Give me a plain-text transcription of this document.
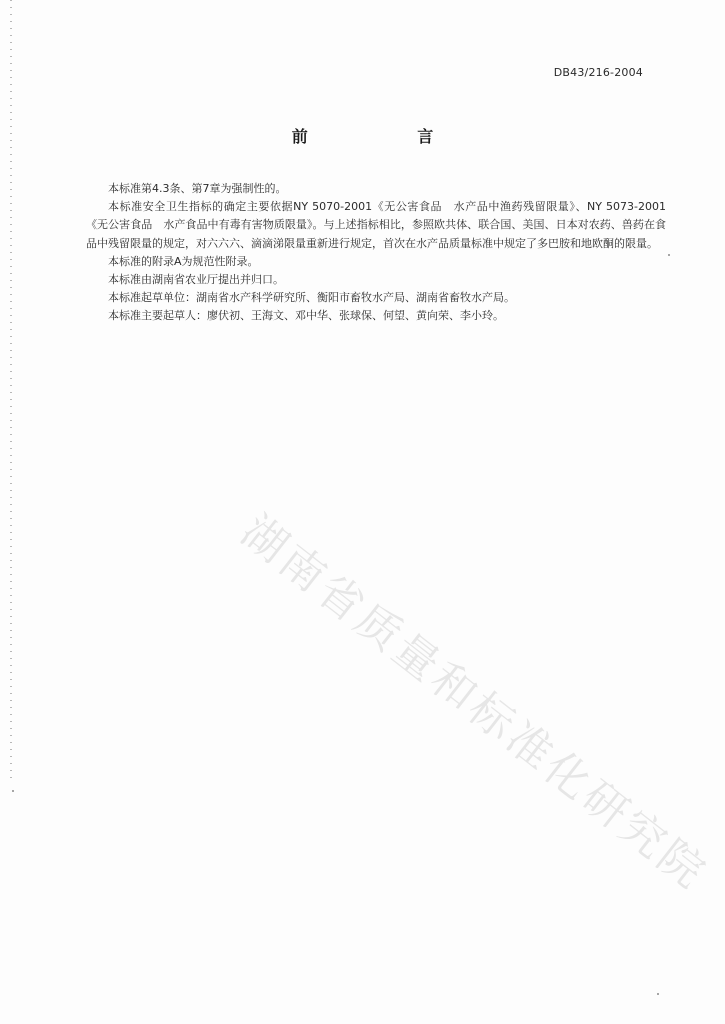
DB43/216-2004
前 言

本标准第4.3条、第7章为强制性的。

本标准安全卫生指标的确定主要依据NY 5070-2001《无公害食品　水产品中渔药残留限量》、NY 5073-2001《无公害食品　水产食品中有毒有害物质限量》。与上述指标相比，参照欧共体、联合国、美国、日本对农药、兽药在食品中残留限量的规定，对六六六、滴滴涕限量重新进行规定，首次在水产品质量标准中规定了多巴胺和地欧酮的限量。

本标准的附录A为规范性附录。

本标准由湖南省农业厅提出并归口。

本标准起草单位：湖南省水产科学研究所、衡阳市畜牧水产局、湖南省畜牧水产局。

本标准主要起草人：廖伏初、王海文、邓中华、张球保、何望、黄向荣、李小玲。

湖南省质量和标准化研究院
